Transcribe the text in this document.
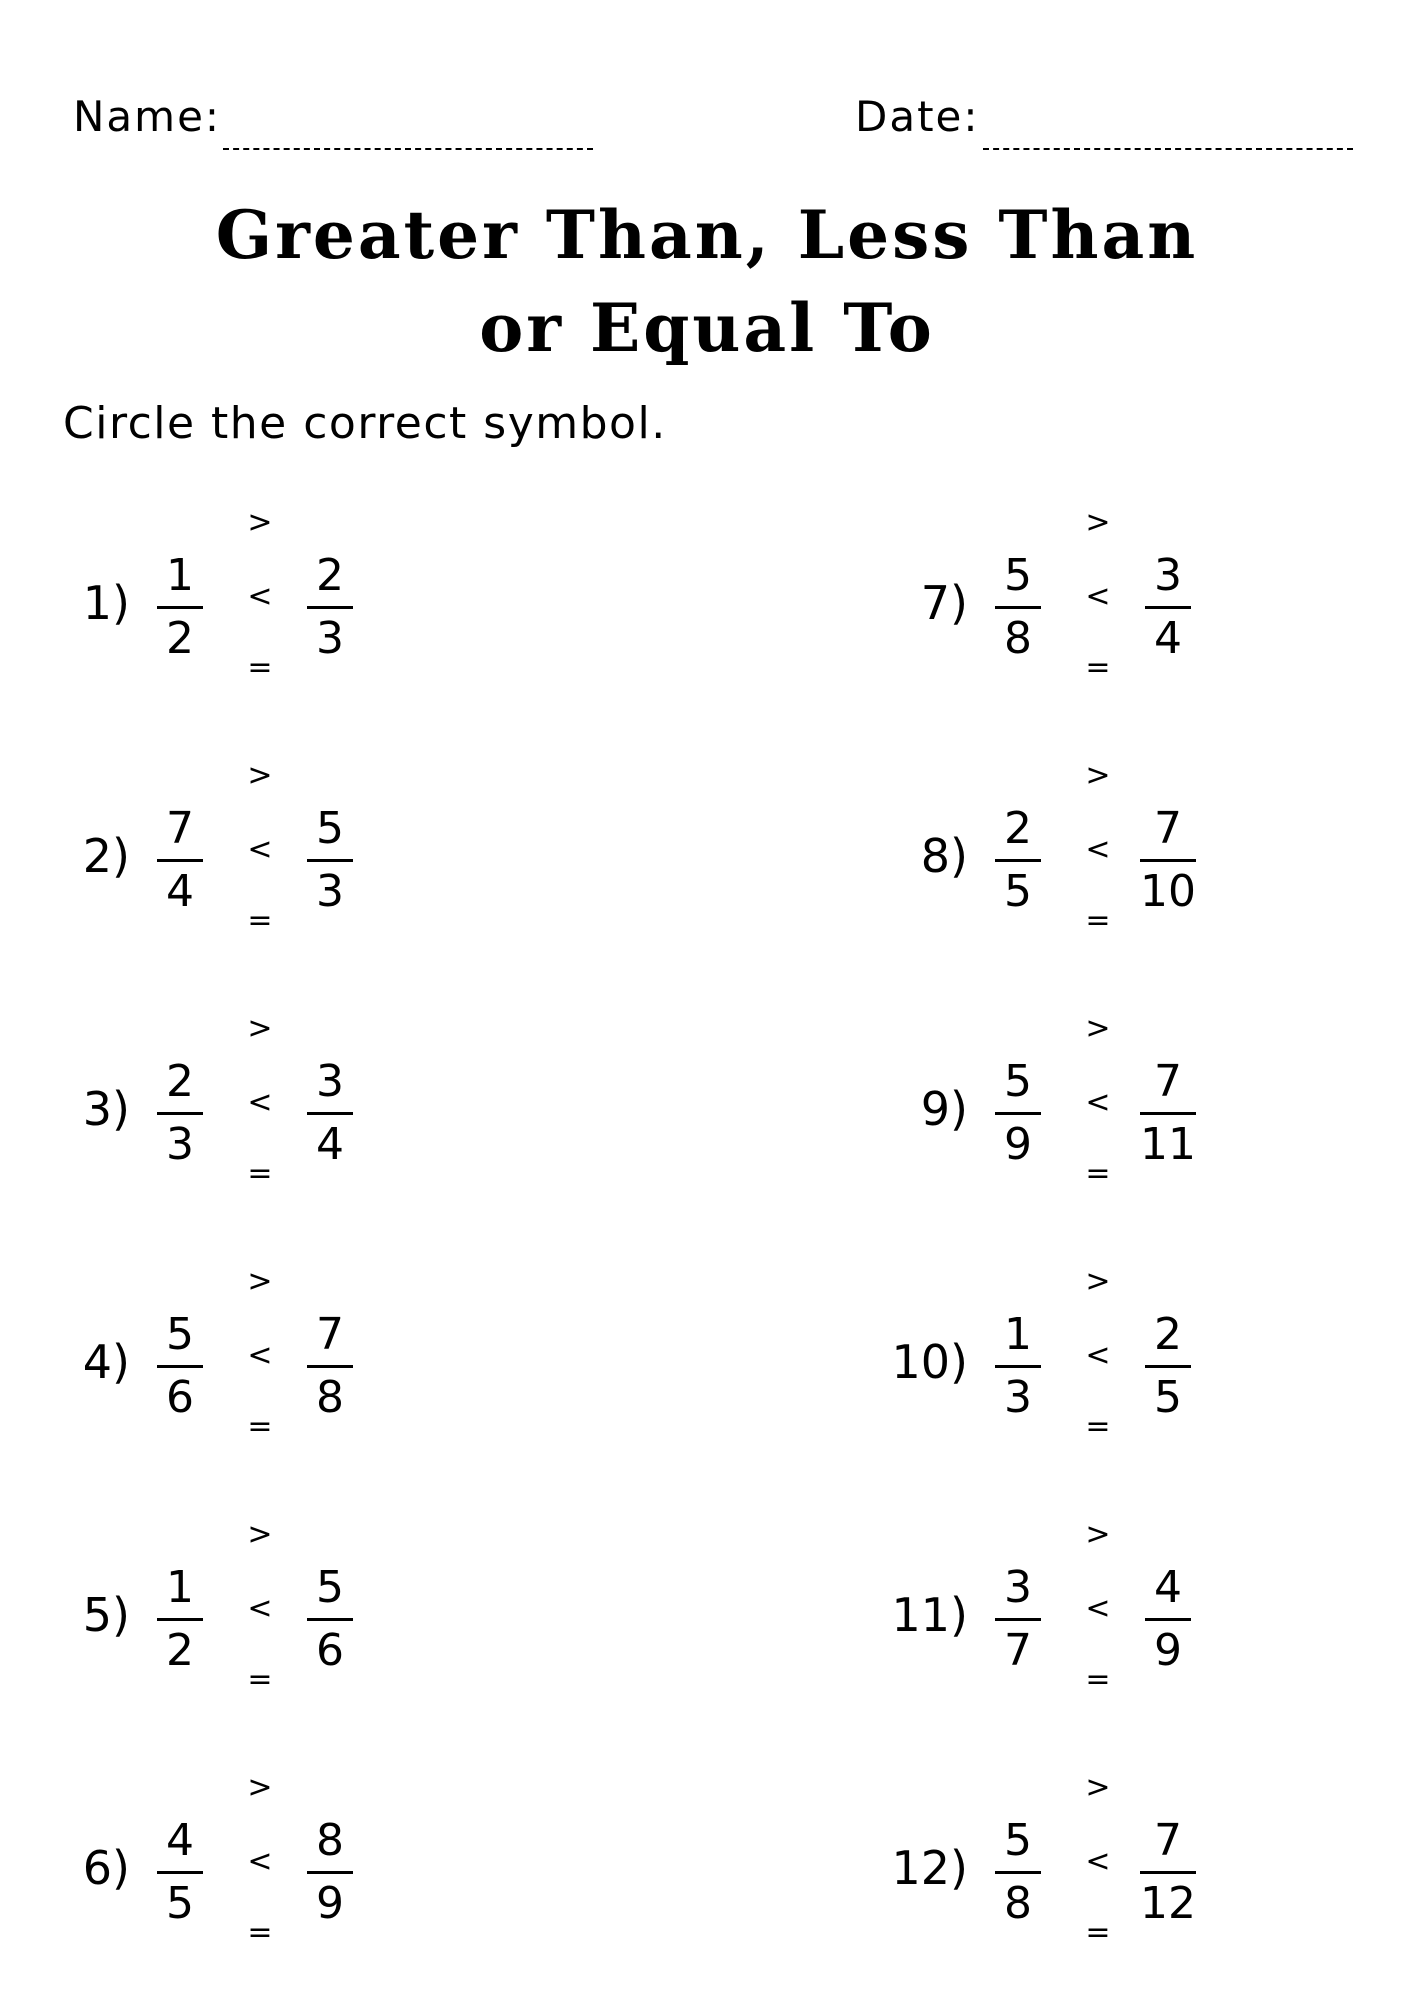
Name:	Date:
Greater Than, Less Than
or Equal To
Circle the correct symbol.
1)
1
2
>
<
=
2
3
2)
7
4
>
<
=
5
3
3)
2
3
>
<
=
3
4
4)
5
6
>
<
=
7
8
5)
1
2
>
<
=
5
6
6)
4
5
>
<
=
8
9
7)
5
8
>
<
=
3
4
8)
2
5
>
<
=
7
10
9)
5
9
>
<
=
7
11
10)
1
3
>
<
=
2
5
11)
3
7
>
<
=
4
9
12)
5
8
>
<
=
7
12
